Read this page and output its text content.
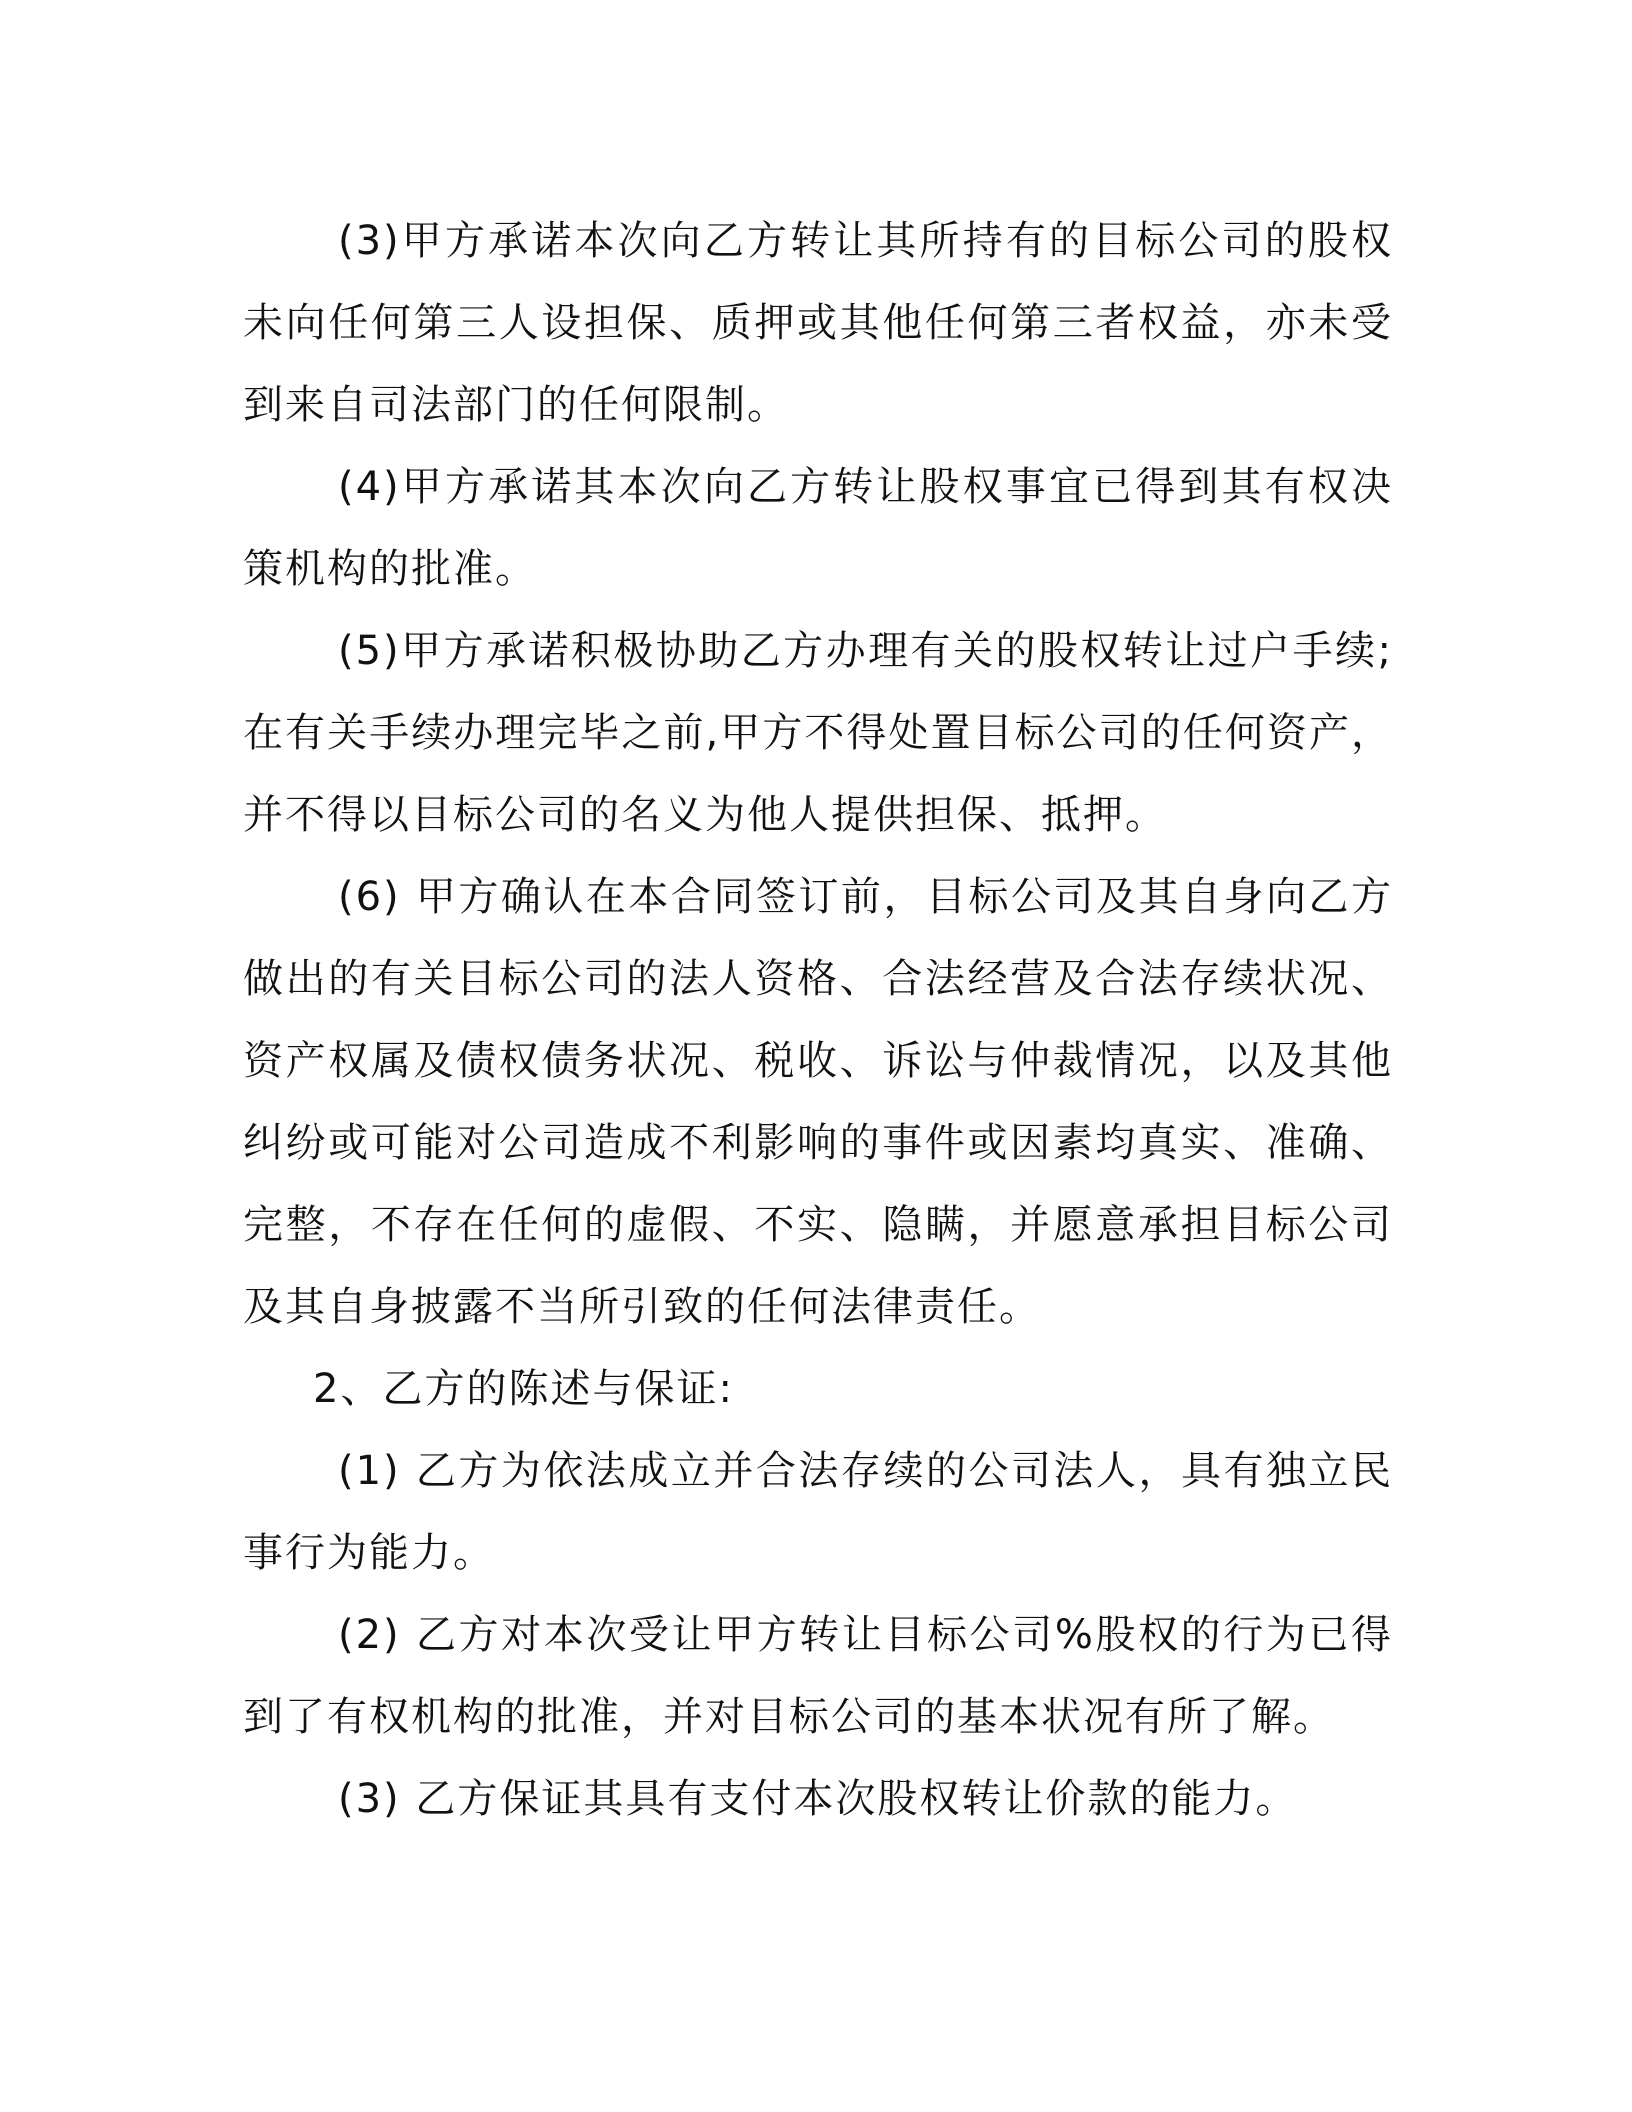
(3)甲方承诺本次向乙方转让其所持有的目标公司的股权未向任何第三人设担保、质押或其他任何第三者权益，亦未受到来自司法部门的任何限制。

(4)甲方承诺其本次向乙方转让股权事宜已得到其有权决策机构的批准。

(5)甲方承诺积极协助乙方办理有关的股权转让过户手续;在有关手续办理完毕之前,甲方不得处置目标公司的任何资产，并不得以目标公司的名义为他人提供担保、抵押。

(6) 甲方确认在本合同签订前，目标公司及其自身向乙方做出的有关目标公司的法人资格、合法经营及合法存续状况、资产权属及债权债务状况、税收、诉讼与仲裁情况，以及其他纠纷或可能对公司造成不利影响的事件或因素均真实、准确、完整，不存在任何的虚假、不实、隐瞒，并愿意承担目标公司及其自身披露不当所引致的任何法律责任。

2、乙方的陈述与保证:

(1) 乙方为依法成立并合法存续的公司法人，具有独立民事行为能力。

(2) 乙方对本次受让甲方转让目标公司%股权的行为已得到了有权机构的批准，并对目标公司的基本状况有所了解。

(3) 乙方保证其具有支付本次股权转让价款的能力。
